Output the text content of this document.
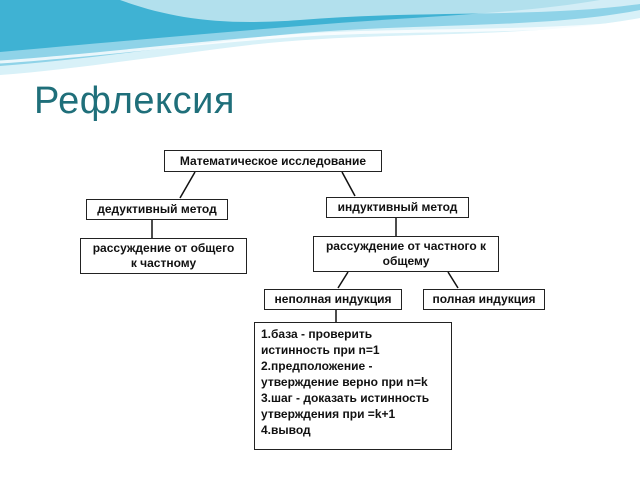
Рефлексия
Математическое исследование
дедуктивный метод	индуктивный метод
рассуждение от общего
к частному
рассуждение от частного к
общему
неполная индукция	полная индукция
1.база - проверить
истинность при n=1
2.предположение -
утверждение верно при n=k
3.шаг - доказать истинность
утверждения при =k+1
4.вывод
